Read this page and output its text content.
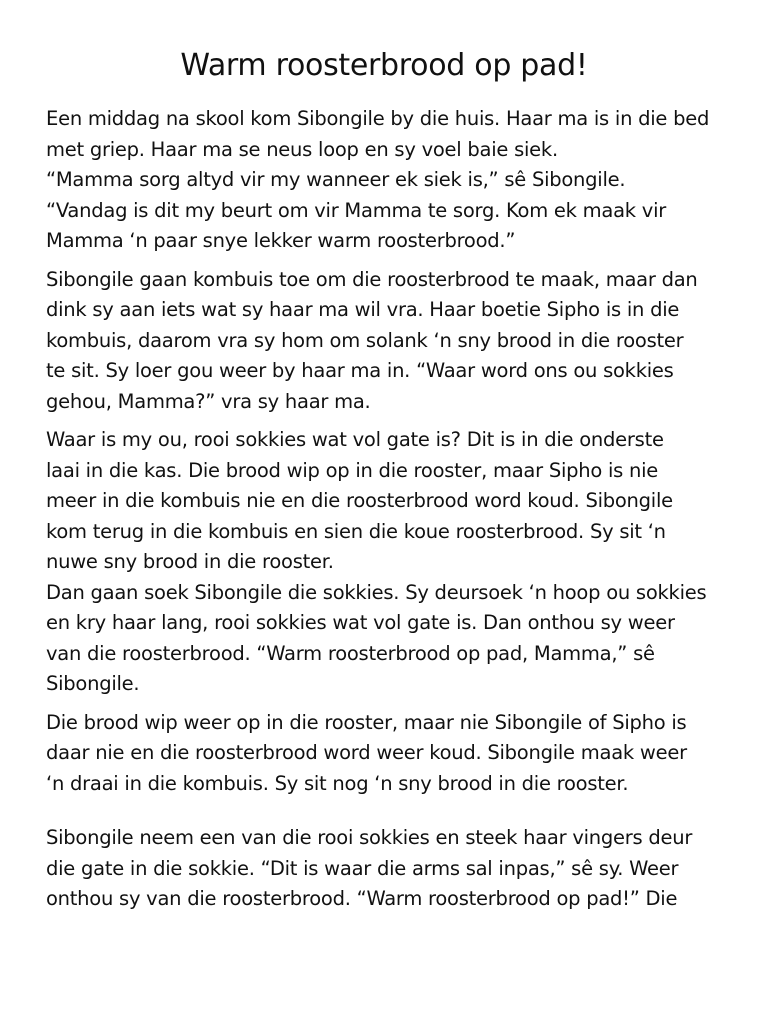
Warm roosterbrood op pad!

Een middag na skool kom Sibongile by die huis. Haar ma is in die bed
met griep. Haar ma se neus loop en sy voel baie siek.
“Mamma sorg altyd vir my wanneer ek siek is,” sê Sibongile.
“Vandag is dit my beurt om vir Mamma te sorg. Kom ek maak vir
Mamma ‘n paar snye lekker warm roosterbrood.”

Sibongile gaan kombuis toe om die roosterbrood te maak, maar dan
dink sy aan iets wat sy haar ma wil vra. Haar boetie Sipho is in die
kombuis, daarom vra sy hom om solank ‘n sny brood in die rooster
te sit. Sy loer gou weer by haar ma in. “Waar word ons ou sokkies
gehou, Mamma?” vra sy haar ma.

Waar is my ou, rooi sokkies wat vol gate is? Dit is in die onderste
laai in die kas. Die brood wip op in die rooster, maar Sipho is nie
meer in die kombuis nie en die roosterbrood word koud. Sibongile
kom terug in die kombuis en sien die koue roosterbrood. Sy sit ‘n
nuwe sny brood in die rooster.
Dan gaan soek Sibongile die sokkies. Sy deursoek ‘n hoop ou sokkies
en kry haar lang, rooi sokkies wat vol gate is. Dan onthou sy weer
van die roosterbrood. “Warm roosterbrood op pad, Mamma,” sê
Sibongile.

Die brood wip weer op in die rooster, maar nie Sibongile of Sipho is
daar nie en die roosterbrood word weer koud. Sibongile maak weer
‘n draai in die kombuis. Sy sit nog ‘n sny brood in die rooster.

Sibongile neem een van die rooi sokkies en steek haar vingers deur
die gate in die sokkie. “Dit is waar die arms sal inpas,” sê sy. Weer
onthou sy van die roosterbrood. “Warm roosterbrood op pad!” Die
